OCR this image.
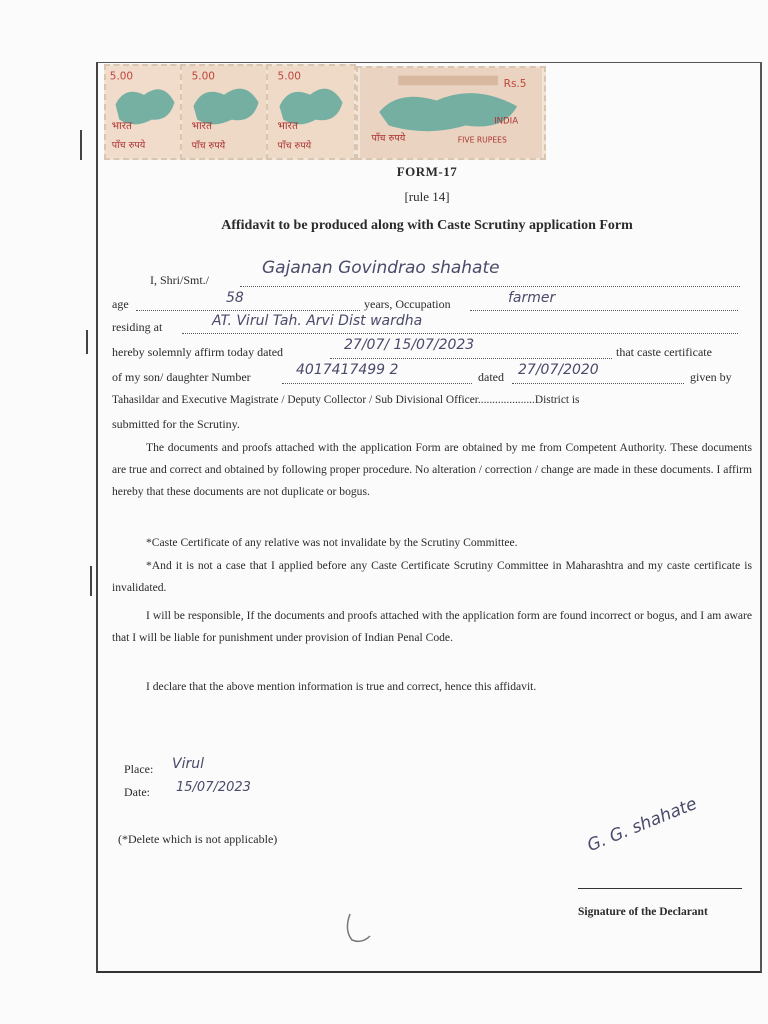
5.00
भारत
पाँच रुपये
5.00
भारत
पाँच रुपये
5.00
भारत
पाँच रुपये
Rs.5
INDIA
पाँच रुपये	FIVE RUPEES
FORM-17
[rule 14]
Affidavit to be produced along with Caste Scrutiny application Form
I, Shri/Smt./
Gajanan Govindrao shahate
age	58	years, Occupation	farmer
residing at	AT. Virul Tah. Arvi Dist wardha
hereby solemnly affirm today dated	27/07/ 15/07/2023	that caste certificate
of my son/ daughter Number	4017417499 2	dated 27/07/2020	given by
Tahasildar and Executive Magistrate / Deputy Collector / Sub Divisional Officer....................District is
submitted for the Scrutiny.
The documents and proofs attached with the application Form are obtained by me from Competent Authority. These documents are true and correct and obtained by following proper procedure. No alteration / correction / change are made in these documents. I affirm hereby that these documents are not duplicate or bogus.
*Caste Certificate of any relative was not invalidate by the Scrutiny Committee.
*And it is not a case that I applied before any Caste Certificate Scrutiny Committee in Maharashtra and my caste certificate is invalidated.
I will be responsible, If the documents and proofs attached with the application form are found incorrect or bogus, and I am aware that I will be liable for punishment under provision of Indian Penal Code.
I declare that the above mention information is true and correct, hence this affidavit.
Place: Virul
Date: 15/07/2023
(*Delete which is not applicable)	G. G. shahate
Signature of the Declarant
